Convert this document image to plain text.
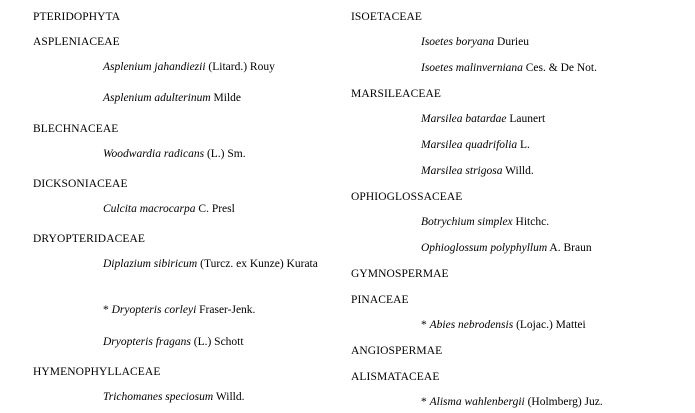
PTERIDOPHYTA
ASPLENIACEAE
Asplenium jahandiezii (Litard.) Rouy
Asplenium adulterinum Milde
BLECHNACEAE
Woodwardia radicans (L.) Sm.
DICKSONIACEAE
Culcita macrocarpa C. Presl
DRYOPTERIDACEAE
Diplazium sibiricum (Turcz. ex Kunze) Kurata
* Dryopteris corleyi Fraser-Jenk.
Dryopteris fragans (L.) Schott
HYMENOPHYLLACEAE
Trichomanes speciosum Willd.
ISOETACEAE
Isoetes boryana Durieu
Isoetes malinverniana Ces. & De Not.
MARSILEACEAE
Marsilea batardae Launert
Marsilea quadrifolia L.
Marsilea strigosa Willd.
OPHIOGLOSSACEAE
Botrychium simplex Hitchc.
Ophioglossum polyphyllum A. Braun
GYMNOSPERMAE
PINACEAE
* Abies nebrodensis (Lojac.) Mattei
ANGIOSPERMAE
ALISMATACEAE
* Alisma wahlenbergii (Holmberg) Juz.
